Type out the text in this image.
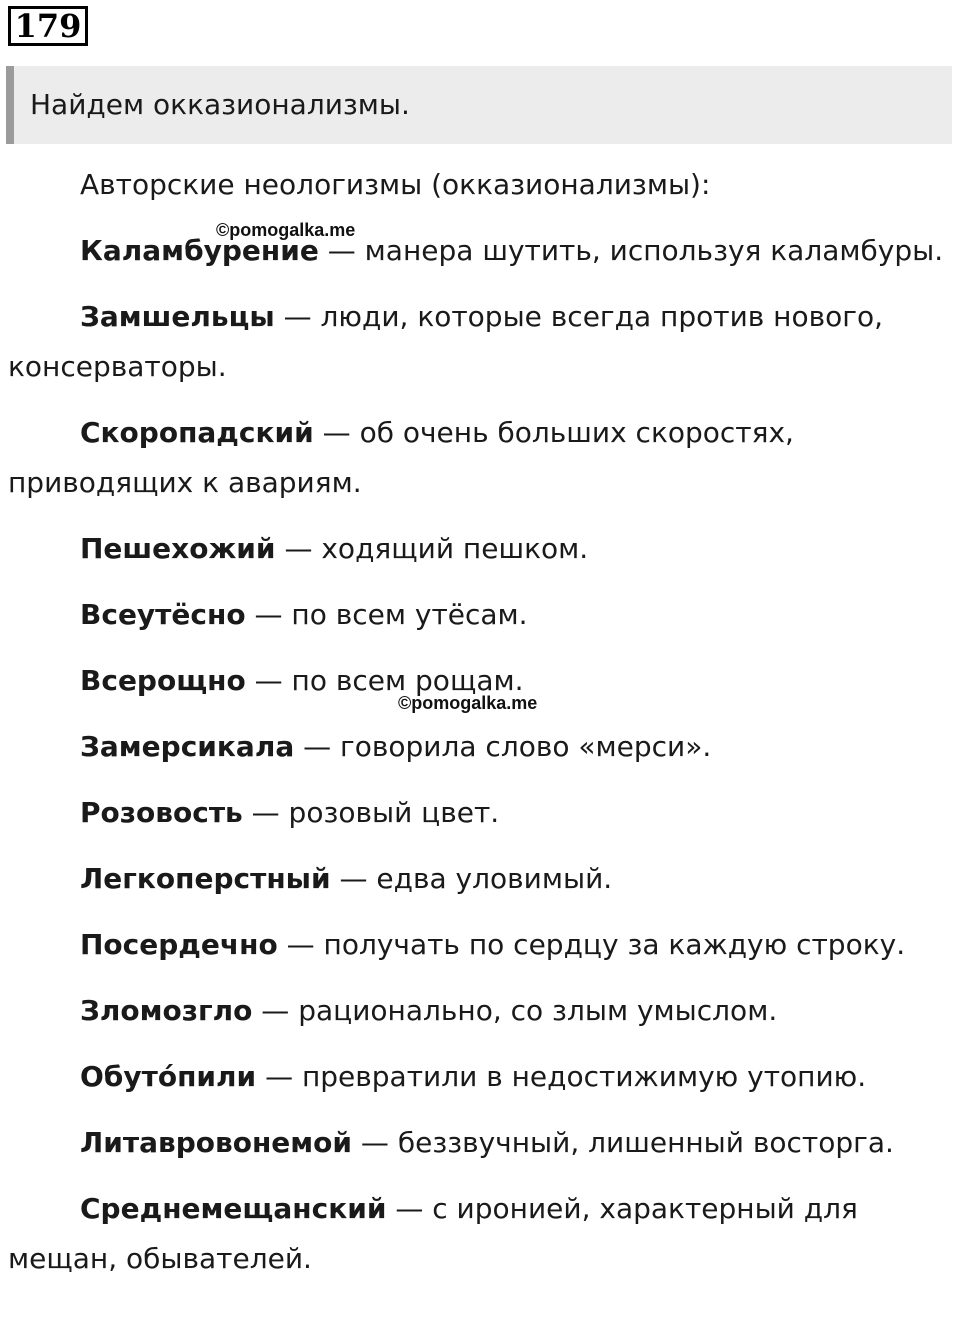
179
Найдем окказионализмы.

Авторские неологизмы (окказионализмы):

Каламбурение — манера шутить, используя каламбуры.

Замшельцы — люди, которые всегда против нового, консерваторы.

Скоропадский — об очень больших скоростях, приводящих к авариям.

Пешехожий — ходящий пешком.

Всеутёсно — по всем утёсам.

Всерощно — по всем рощам.

Замерсикала — говорила слово «мерси».

Розовость — розовый цвет.

Легкоперстный — едва уловимый.

Посердечно — получать по сердцу за каждую строку.

Зломозгло — рационально, со злым умыслом.

Обуто́пили — превратили в недостижимую утопию.

Литавровонемой — беззвучный, лишенный восторга.

Среднемещанский — с иронией, характерный для мещан, обывателей.

©pomogalka.me
©pomogalka.me
